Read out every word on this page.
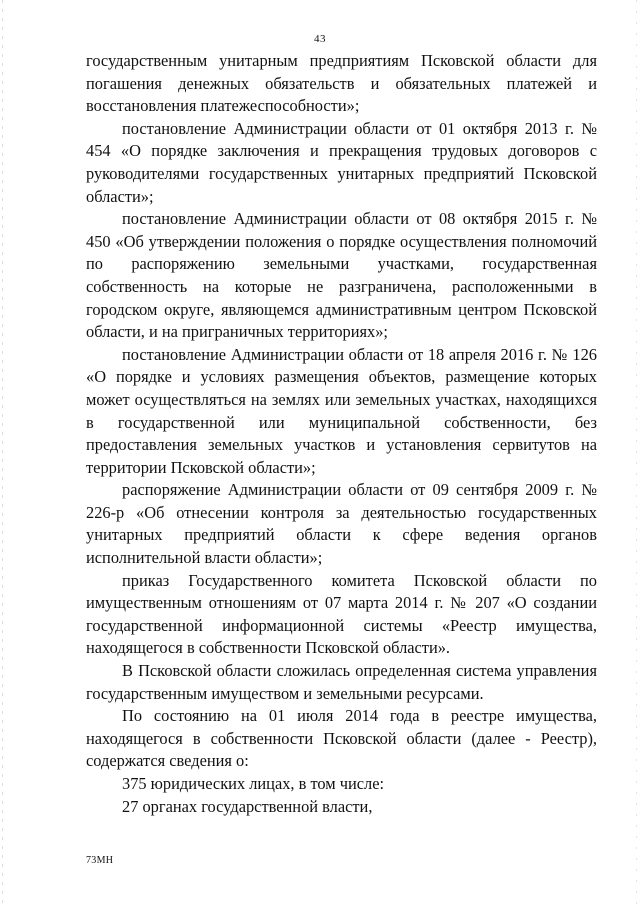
43

государственным унитарным предприятиям Псковской области для погашения денежных обязательств и обязательных платежей и восстановления платежеспособности»;

постановление Администрации области от 01 октября 2013 г. № 454 «О порядке заключения и прекращения трудовых договоров с руководителями государственных унитарных предприятий Псковской области»;

постановление Администрации области от 08 октября 2015 г. № 450 «Об утверждении положения о порядке осуществления полномочий по распоряжению земельными участками, государственная собственность на которые не разграничена, расположенными в городском округе, являющемся административным центром Псковской области, и на приграничных территориях»;

постановление Администрации области от 18 апреля 2016 г. № 126 «О порядке и условиях размещения объектов, размещение которых может осуществляться на землях или земельных участках, находящихся в государственной или муниципальной собственности, без предоставления земельных участков и установления сервитутов на территории Псковской области»;

распоряжение Администрации области от 09 сентября 2009 г. № 226-р «Об отнесении контроля за деятельностью государственных унитарных предприятий области к сфере ведения органов исполнительной власти области»;

приказ Государственного комитета Псковской области по имущественным отношениям от 07 марта 2014 г. № 207 «О создании государственной информационной системы «Реестр имущества, находящегося в собственности Псковской области».

В Псковской области сложилась определенная система управления государственным имуществом и земельными ресурсами.

По состоянию на 01 июля 2014 года в реестре имущества, находящегося в собственности Псковской области (далее - Реестр), содержатся сведения о:

375 юридических лицах, в том числе:

27 органах государственной власти,

73МН
